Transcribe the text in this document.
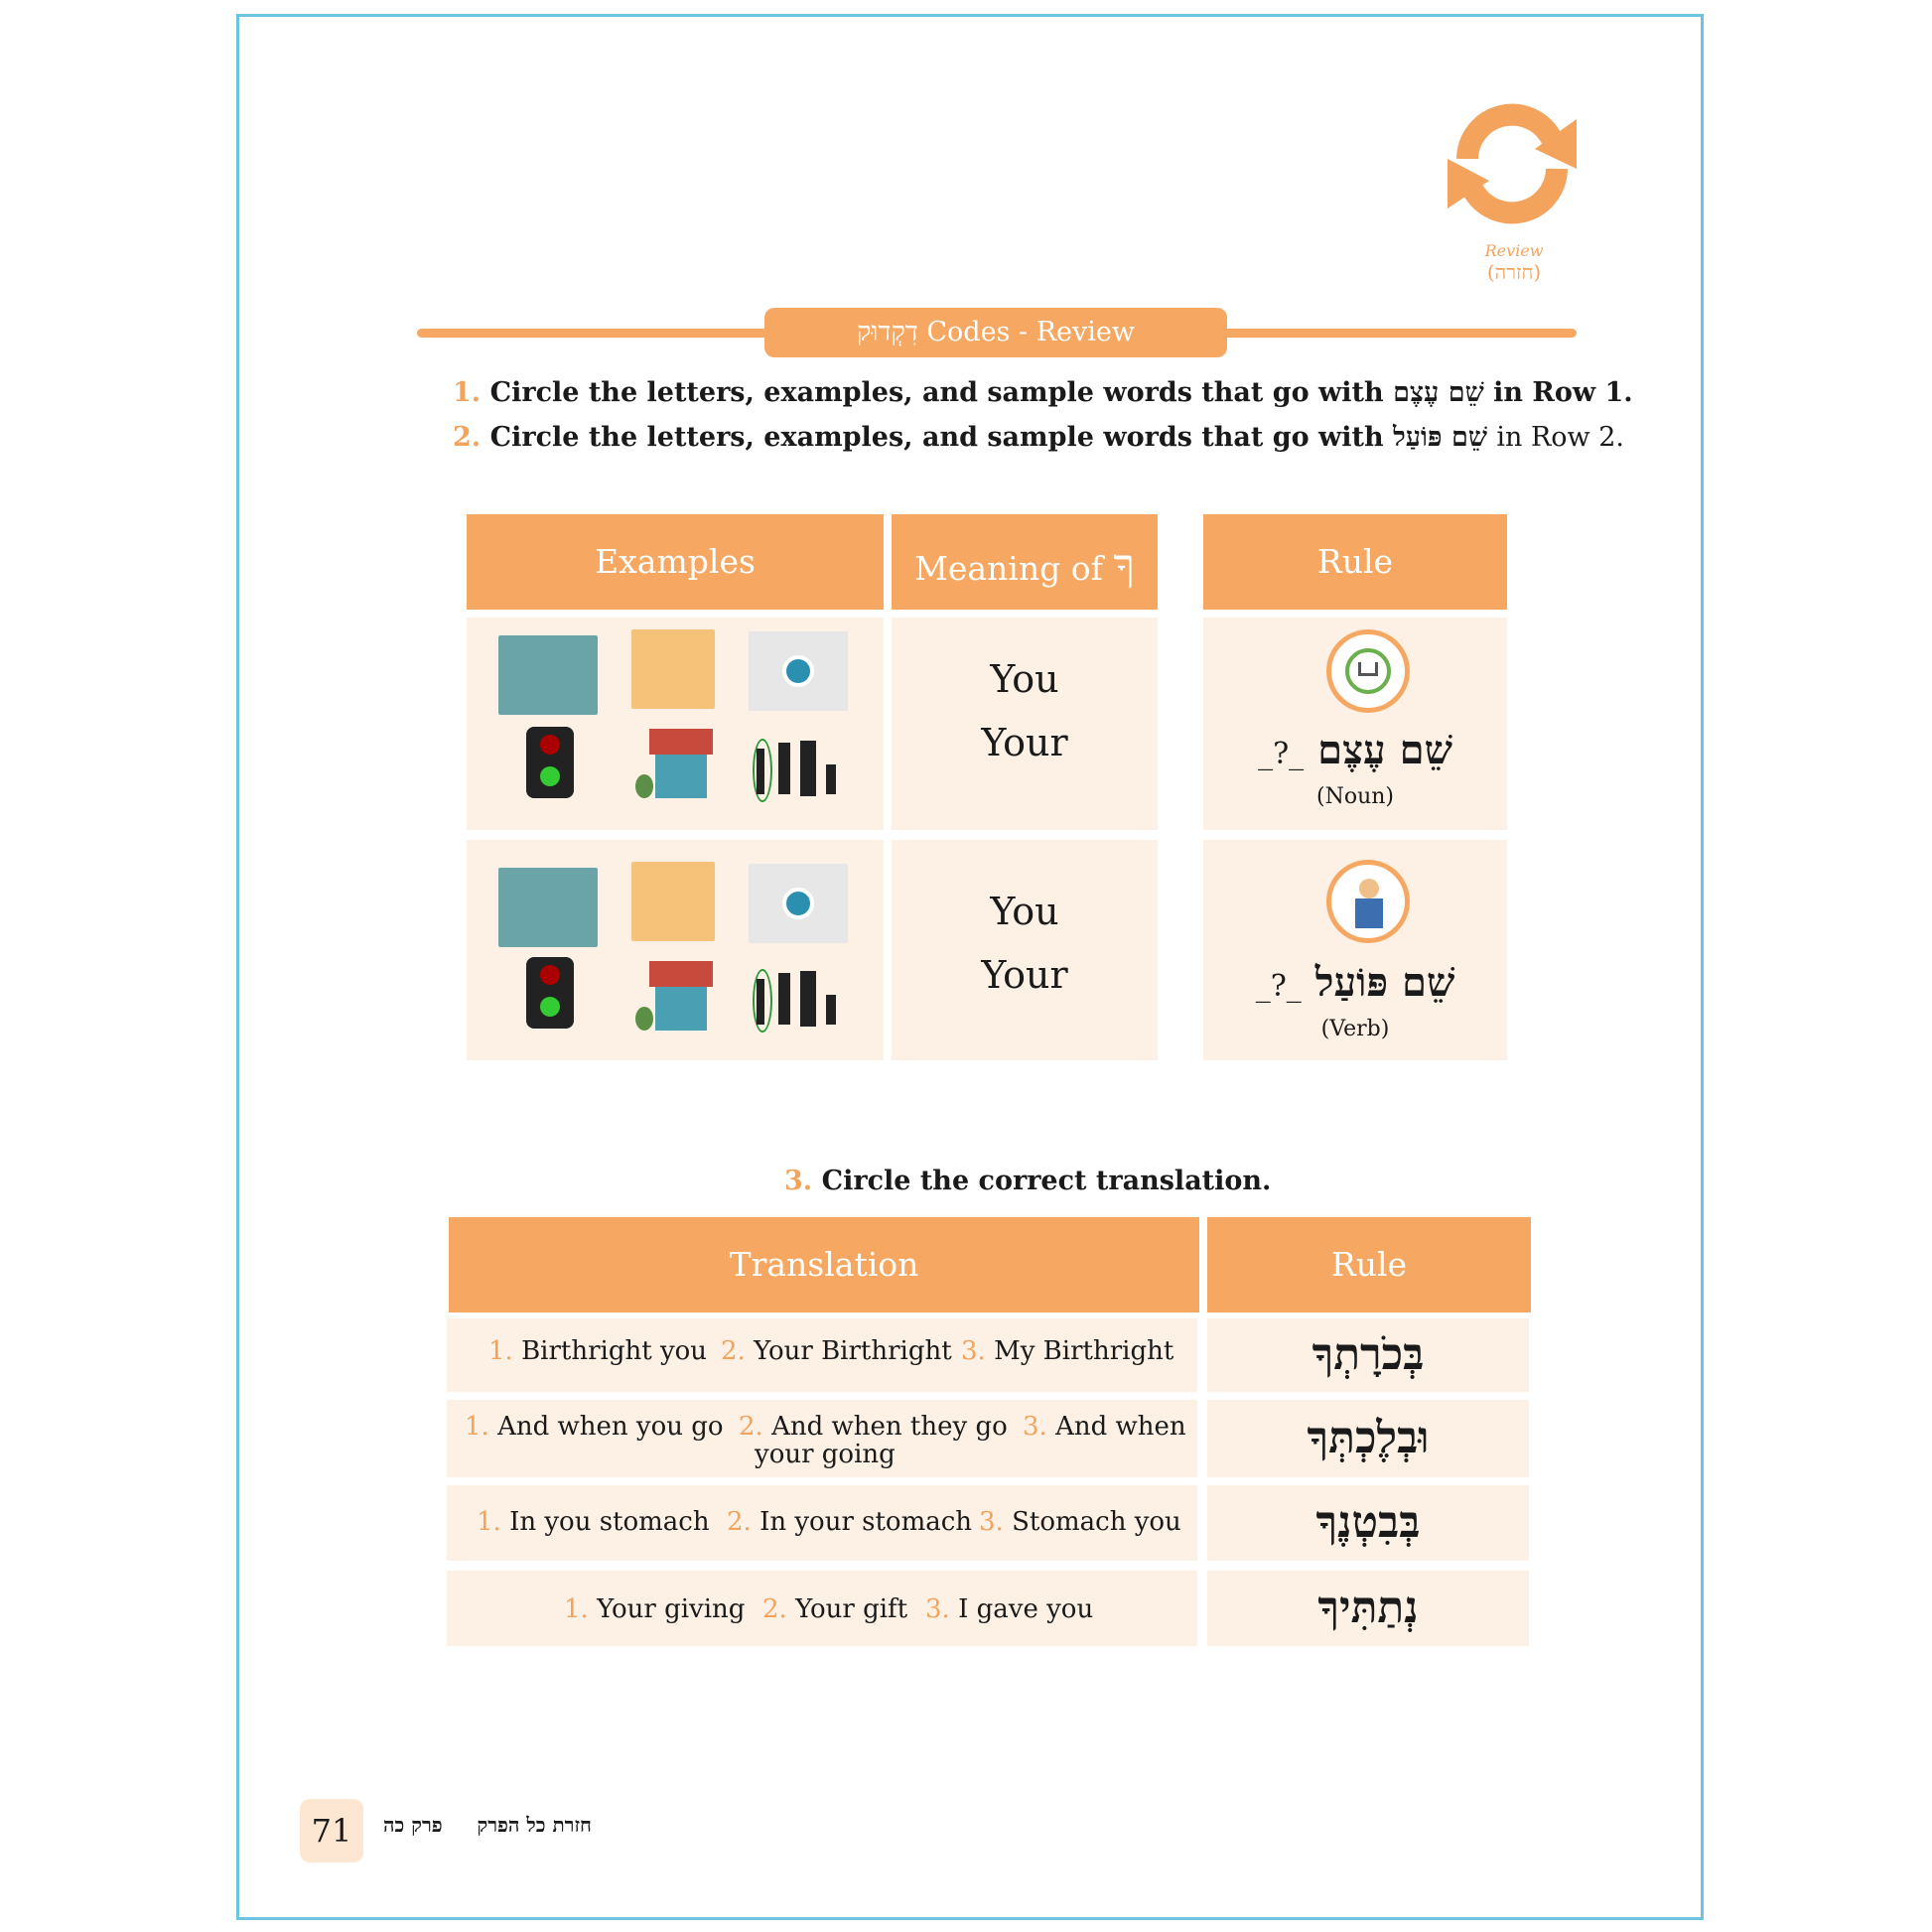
Review
(חזרה)
דִקְדוּק Codes - Review
1. Circle the letters, examples, and sample words that go with שֵׁם עֶצֶם in Row 1.
2. Circle the letters, examples, and sample words that go with שֵׁם פּוֹעַל in Row 2.
Examples	Meaning of ךָ	Rule
You
Your	_?_ שֵׁם עֶצֶם
(Noun)
You
Your	_?_ שֵׁם פּוֹעַל
(Verb)
3. Circle the correct translation.
Translation	Rule
1. Birthright you 2. Your Birthright 3. My Birthright	בְּכֹרָתְךָ
1. And when you go 2. And when they go 3. And when
your going	וּבְלֶכְתְּךָ
1. In you stomach 2. In your stomach 3. Stomach you	בְּבִטְנֶךָ
1. Your giving 2. Your gift 3. I gave you	נְתַתִּיךָ
71	חזרת כל הפרק     פרק כה
